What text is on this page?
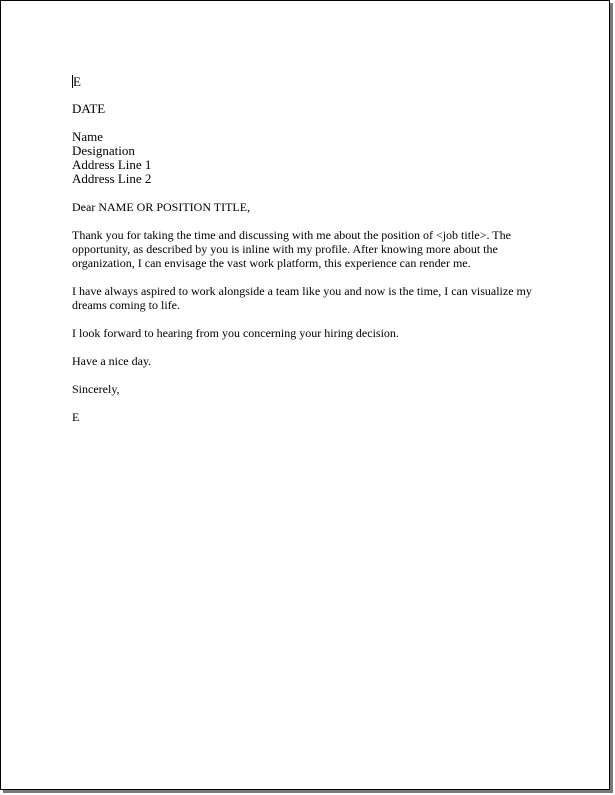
E

DATE

Name
Designation
Address Line 1
Address Line 2

Dear NAME OR POSITION TITLE,

Thank you for taking the time and discussing with me about the position of <job title>. The opportunity, as described by you is inline with my profile. After knowing more about the organization, I can envisage the vast work platform, this experience can render me.

I have always aspired to work alongside a team like you and now is the time, I can visualize my dreams coming to life.

I look forward to hearing from you concerning your hiring decision.

Have a nice day.

Sincerely,

E
